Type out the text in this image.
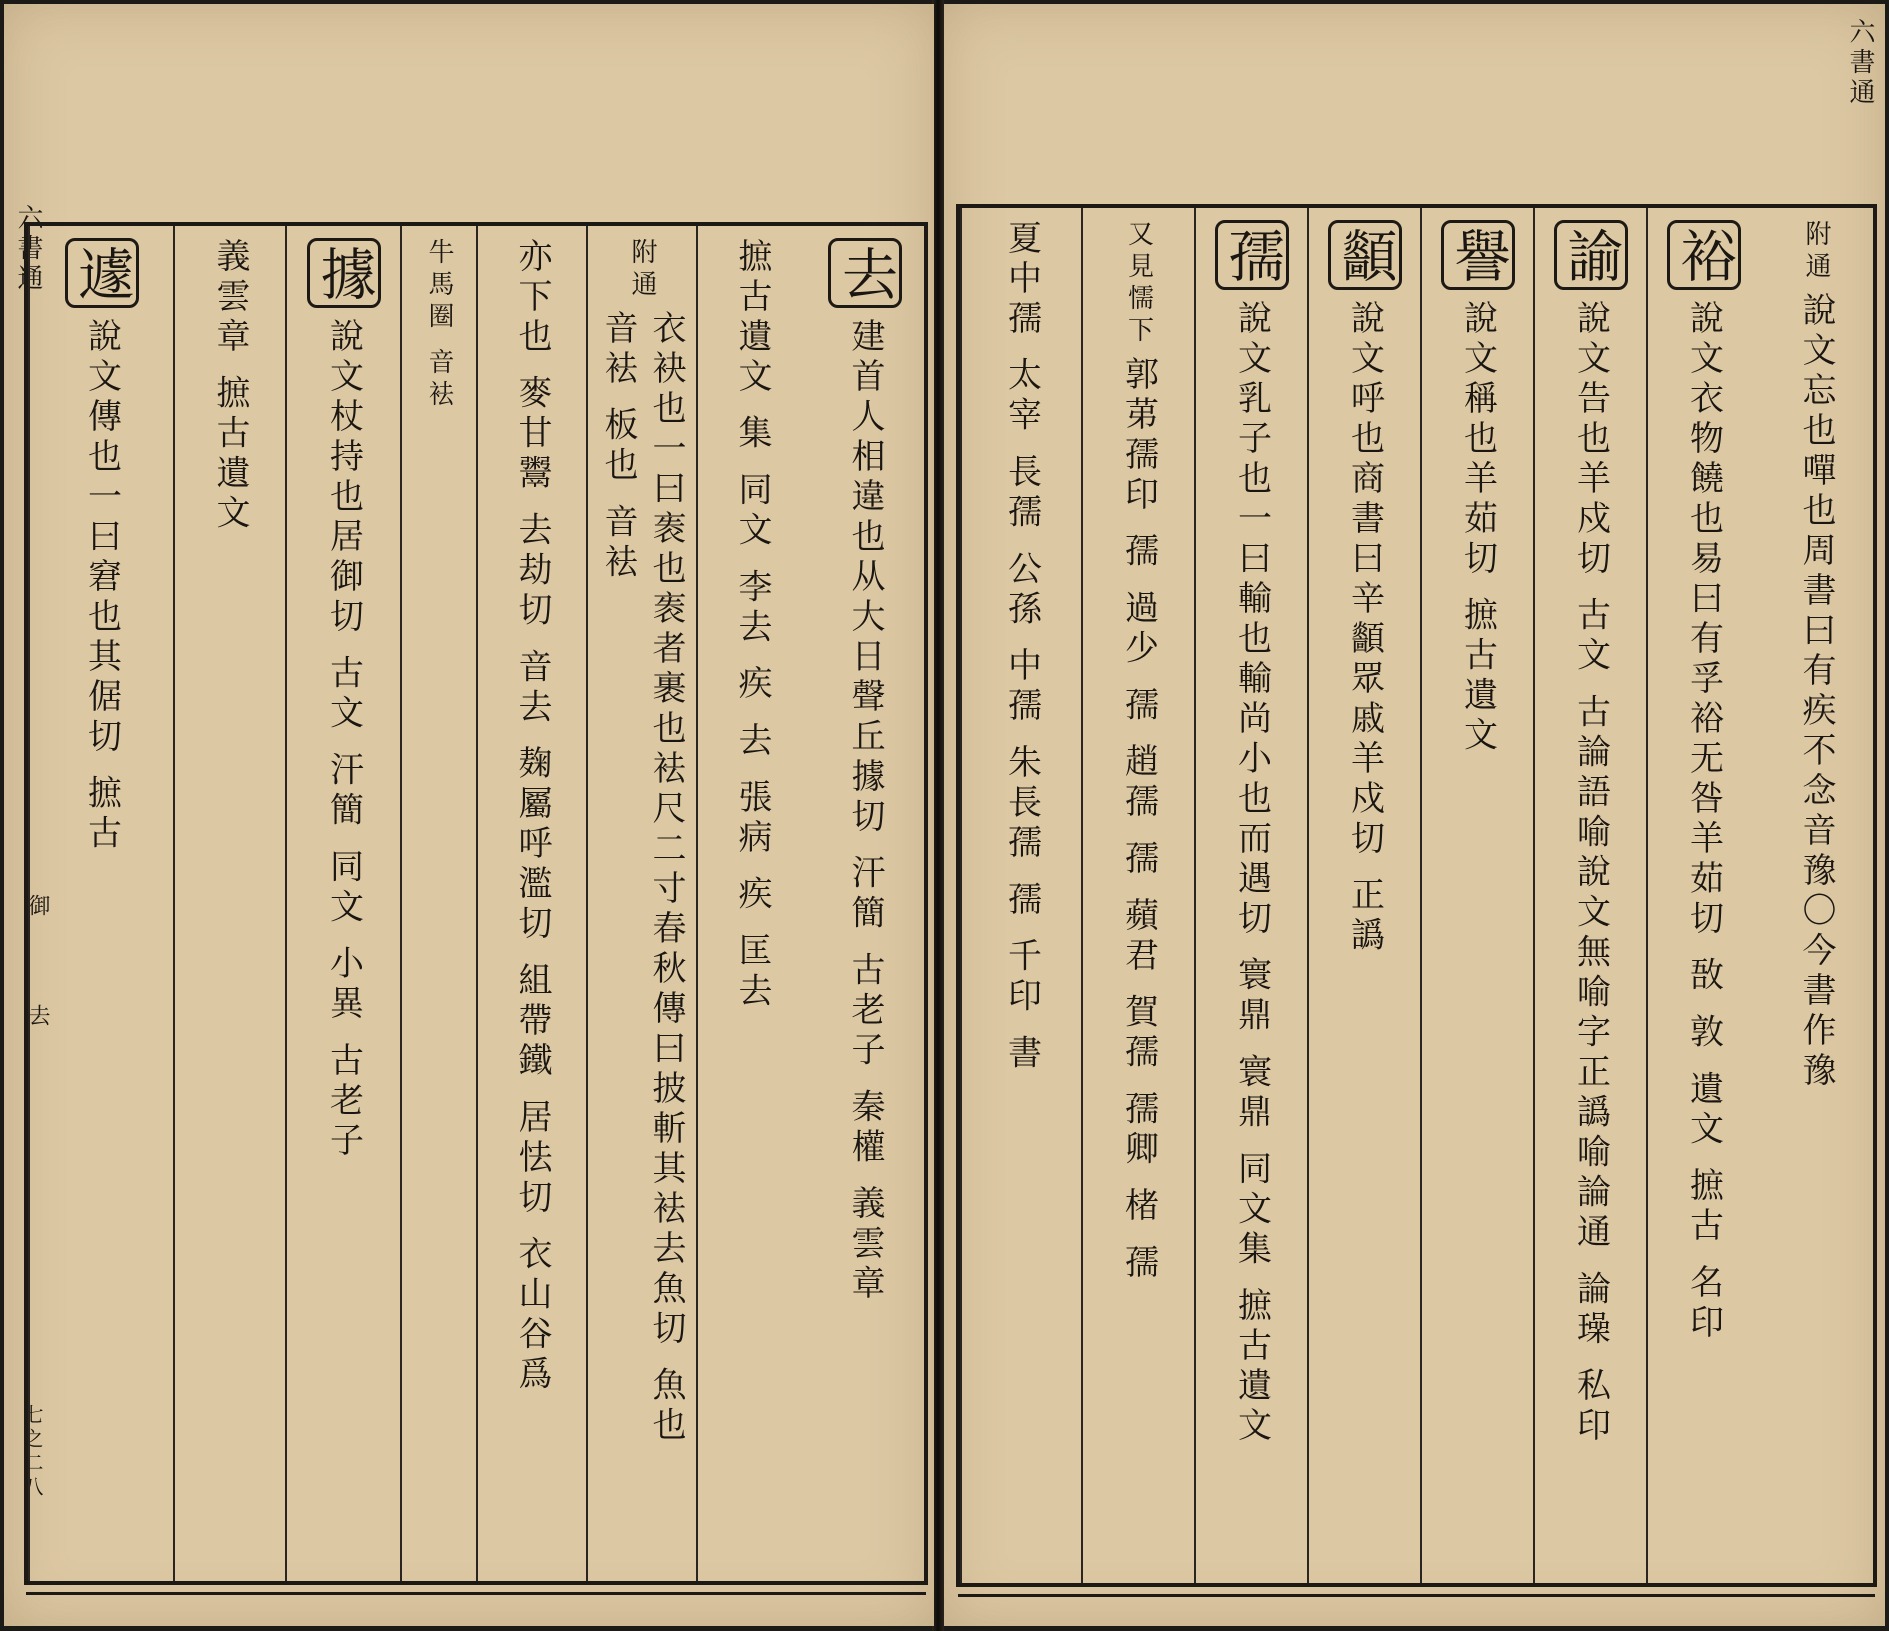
六書通
附通
說文忘也嘽也周書曰有疾不念音豫〇今書作豫
裕
說文衣物饒也易曰有孚裕无咎羊茹切 敔 敦 遺文 摭古 名印
諭
說文告也羊戍切 古文 古論語喻說文無喻字正譌喻論通 論璪 私印
譽
說文稱也羊茹切 摭古遺文
顲
說文呼也商書曰辛顲眾戚羊戍切 正譌
孺
說文乳子也一曰輸也輸尚小也而遇切 寰鼎 寰鼎 同文集 摭古遺文
又見懦下
郭苐孺印 孺 過少 孺 趙孺 孺 蘋君 賀孺 孺卿 楮 孺
夏中孺 太宰 長孺 公孫 中孺 朱長孺 孺 千印 書
六書通
御
去
七之二八
去
建首人相違也从大日聲丘據切 汗簡 古老子 秦權 義雲章
摭古遺文 集 同文 李去 疾 去 張病 疾 匡去
附通
衣袂也一曰袠也袠者裹也袪尺二寸春秋傳曰披斬其袪去魚切 魚也 音袪 板也 音袪
亦下也 麥甘鬻 去劫切 音去 麹屬呼濫切 組帶鐵 居怯切 衣山谷爲
牛馬圈 音袪
據
說文杖持也居御切 古文 汗簡 同文 小異 古老子
義雲章 摭古遺文
遽
說文傳也一曰窘也其倨切 摭古
